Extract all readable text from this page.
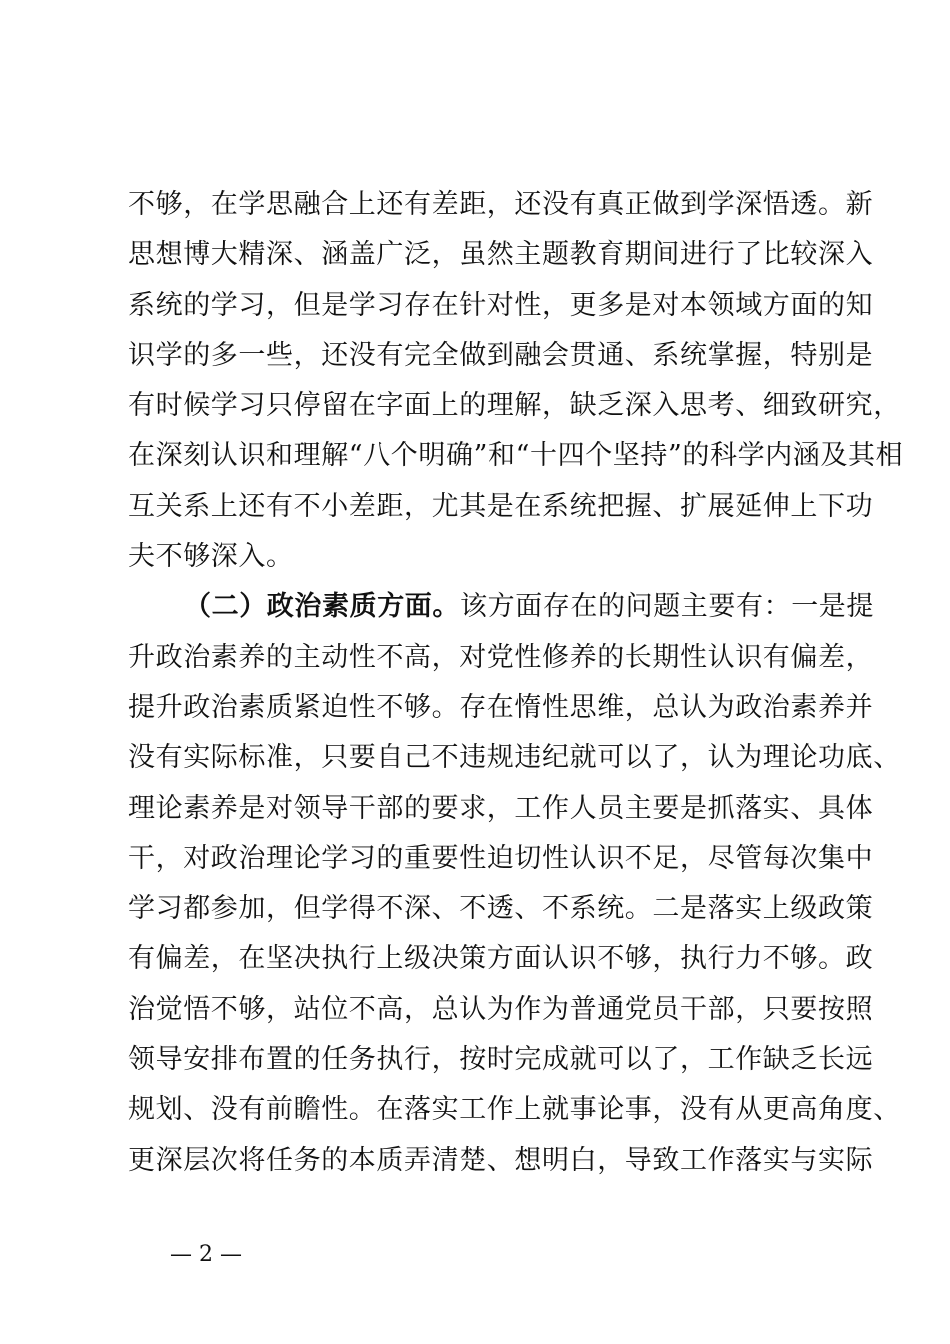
不够，在学思融合上还有差距，还没有真正做到学深悟透。新
思想博大精深、涵盖广泛，虽然主题教育期间进行了比较深入
系统的学习，但是学习存在针对性，更多是对本领域方面的知
识学的多一些，还没有完全做到融会贯通、系统掌握，特别是
有时候学习只停留在字面上的理解，缺乏深入思考、细致研究，
在深刻认识和理解“八个明确”和“十四个坚持”的科学内涵及其相
互关系上还有不小差距，尤其是在系统把握、扩展延伸上下功
夫不够深入。
（二）政治素质方面。该方面存在的问题主要有：一是提
升政治素养的主动性不高，对党性修养的长期性认识有偏差，
提升政治素质紧迫性不够。存在惰性思维，总认为政治素养并
没有实际标准，只要自己不违规违纪就可以了，认为理论功底、
理论素养是对领导干部的要求，工作人员主要是抓落实、具体
干，对政治理论学习的重要性迫切性认识不足，尽管每次集中
学习都参加，但学得不深、不透、不系统。二是落实上级政策
有偏差，在坚决执行上级决策方面认识不够，执行力不够。政
治觉悟不够，站位不高，总认为作为普通党员干部，只要按照
领导安排布置的任务执行，按时完成就可以了，工作缺乏长远
规划、没有前瞻性。在落实工作上就事论事，没有从更高角度、
更深层次将任务的本质弄清楚、想明白，导致工作落实与实际
— 2 —
